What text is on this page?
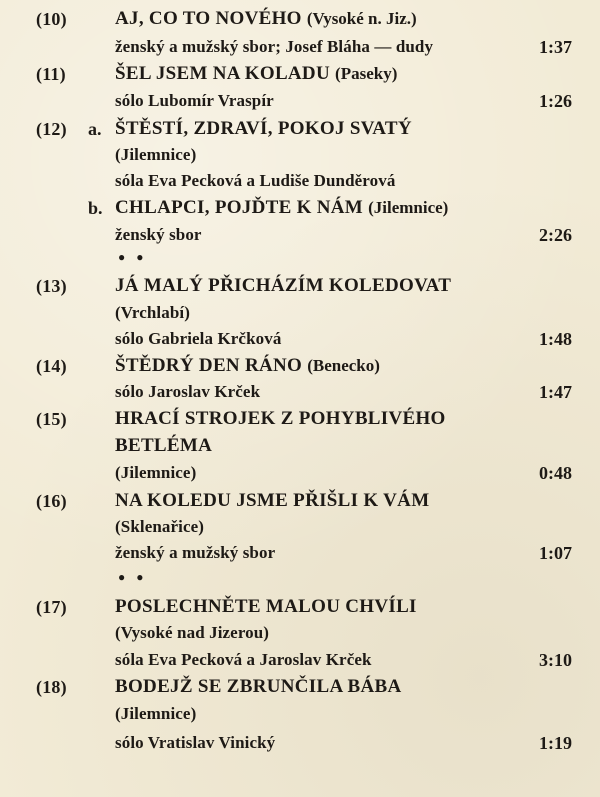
(10)	AJ, CO TO NOVÉHO (Vysoké n. Jiz.)
ženský a mužský sbor; Josef Bláha — dudy	1:37
(11)	ŠEL JSEM NA KOLADU (Paseky)
sólo Lubomír Vraspír	1:26
(12) a. ŠTĚSTÍ, ZDRAVÍ, POKOJ SVATÝ
(Jilemnice)
sóla Eva Pecková a Ludiše Dunděrová
b. CHLAPCI, POJĎTE K NÁM (Jilemnice)
ženský sbor	2:26
● ●
(13)	JÁ MALÝ PŘICHÁZÍM KOLEDOVAT
(Vrchlabí)
sólo Gabriela Krčková	1:48
(14)	ŠTĚDRÝ DEN RÁNO (Benecko)
sólo Jaroslav Krček	1:47
(15)	HRACÍ STROJEK Z POHYBLIVÉHO
BETLÉMA
(Jilemnice)	0:48
(16)	NA KOLEDU JSME PŘIŠLI K VÁM
(Sklenařice)
ženský a mužský sbor	1:07
● ●
(17)	POSLECHNĚTE MALOU CHVÍLI
(Vysoké nad Jizerou)
sóla Eva Pecková a Jaroslav Krček	3:10
(18)	BODEJŽ SE ZBRUNČILA BÁBA
(Jilemnice)
sólo Vratislav Vinický	1:19
